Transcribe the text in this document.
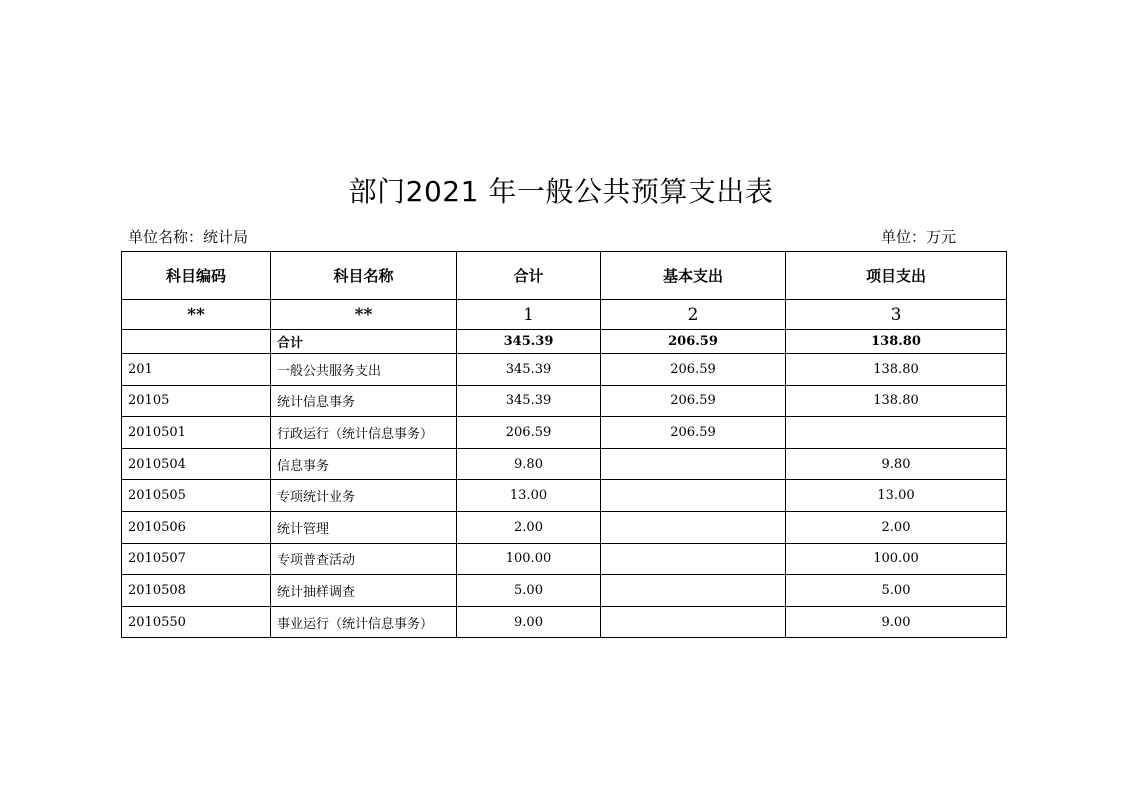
部门2021 年一般公共预算支出表
单位名称：统计局	单位：万元
科目编码	科目名称	合计	基本支出	项目支出
**	**	1	2	3
	合计	345.39	206.59	138.80
201	一般公共服务支出	345.39	206.59	138.80
20105	统计信息事务	345.39	206.59	138.80
2010501	行政运行（统计信息事务）	206.59	206.59	
2010504	信息事务	9.80		9.80
2010505	专项统计业务	13.00		13.00
2010506	统计管理	2.00		2.00
2010507	专项普查活动	100.00		100.00
2010508	统计抽样调查	5.00		5.00
2010550	事业运行（统计信息事务）	9.00		9.00
